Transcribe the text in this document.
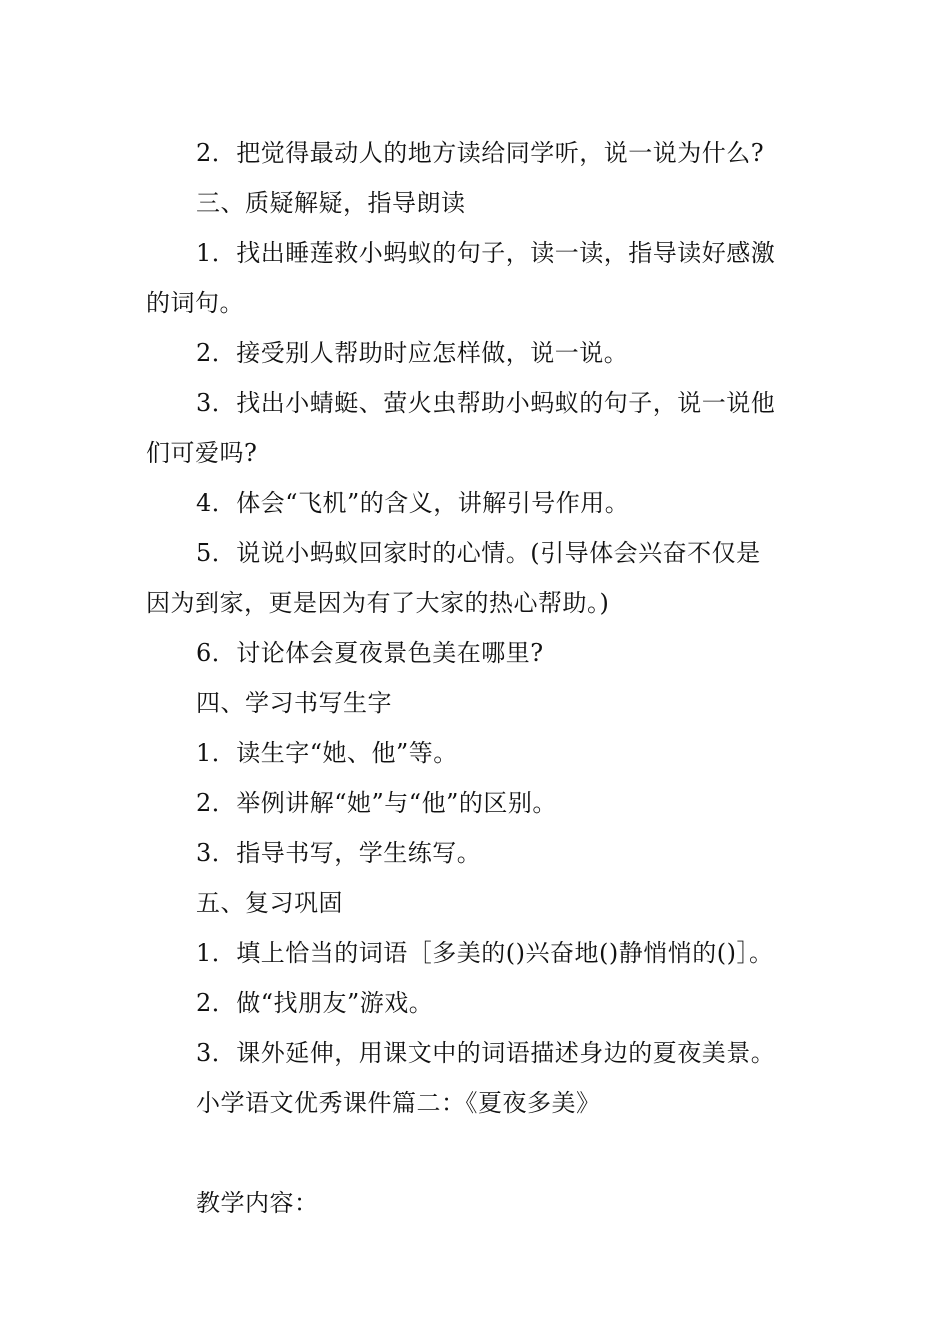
2．把觉得最动人的地方读给同学听，说一说为什么?
三、质疑解疑，指导朗读
1．找出睡莲救小蚂蚁的句子，读一读，指导读好感激
的词句。
2．接受别人帮助时应怎样做，说一说。
3．找出小蜻蜓、萤火虫帮助小蚂蚁的句子，说一说他
们可爱吗?
4．体会“飞机”的含义，讲解引号作用。
5．说说小蚂蚁回家时的心情。(引导体会兴奋不仅是
因为到家，更是因为有了大家的热心帮助。)
6．讨论体会夏夜景色美在哪里?
四、学习书写生字
1．读生字“她、他”等。
2．举例讲解“她”与“他”的区别。
3．指导书写，学生练写。
五、复习巩固
1．填上恰当的词语［多美的()兴奋地()静悄悄的()］。
2．做“找朋友”游戏。
3．课外延伸，用课文中的词语描述身边的夏夜美景。
小学语文优秀课件篇二：《夏夜多美》
教学内容：
